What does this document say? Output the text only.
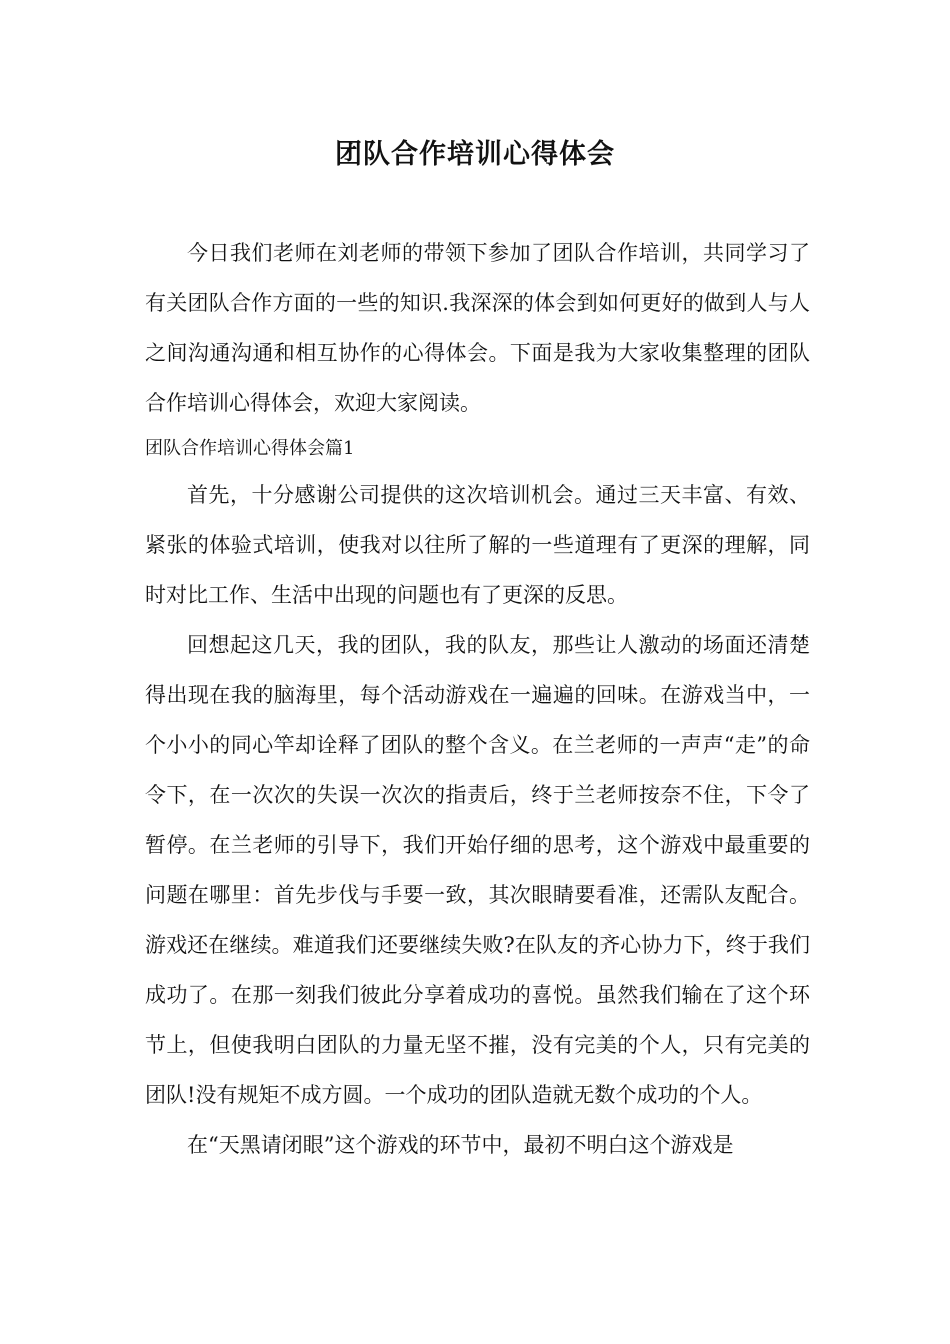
团队合作培训心得体会

今日我们老师在刘老师的带领下参加了团队合作培训，共同学习了有关团队合作方面的一些的知识.我深深的体会到如何更好的做到人与人之间沟通沟通和相互协作的心得体会。下面是我为大家收集整理的团队合作培训心得体会，欢迎大家阅读。

团队合作培训心得体会篇1

首先，十分感谢公司提供的这次培训机会。通过三天丰富、有效、紧张的体验式培训，使我对以往所了解的一些道理有了更深的理解，同时对比工作、生活中出现的问题也有了更深的反思。

回想起这几天，我的团队，我的队友，那些让人激动的场面还清楚得出现在我的脑海里，每个活动游戏在一遍遍的回味。在游戏当中，一个小小的同心竿却诠释了团队的整个含义。在兰老师的一声声“走”的命令下，在一次次的失误一次次的指责后，终于兰老师按奈不住，下令了暂停。在兰老师的引导下，我们开始仔细的思考，这个游戏中最重要的问题在哪里：首先步伐与手要一致，其次眼睛要看准，还需队友配合。游戏还在继续。难道我们还要继续失败?在队友的齐心协力下，终于我们成功了。在那一刻我们彼此分享着成功的喜悦。虽然我们输在了这个环节上，但使我明白团队的力量无坚不摧，没有完美的个人，只有完美的团队!没有规矩不成方圆。一个成功的团队造就无数个成功的个人。

在“天黑请闭眼”这个游戏的环节中，最初不明白这个游戏是
